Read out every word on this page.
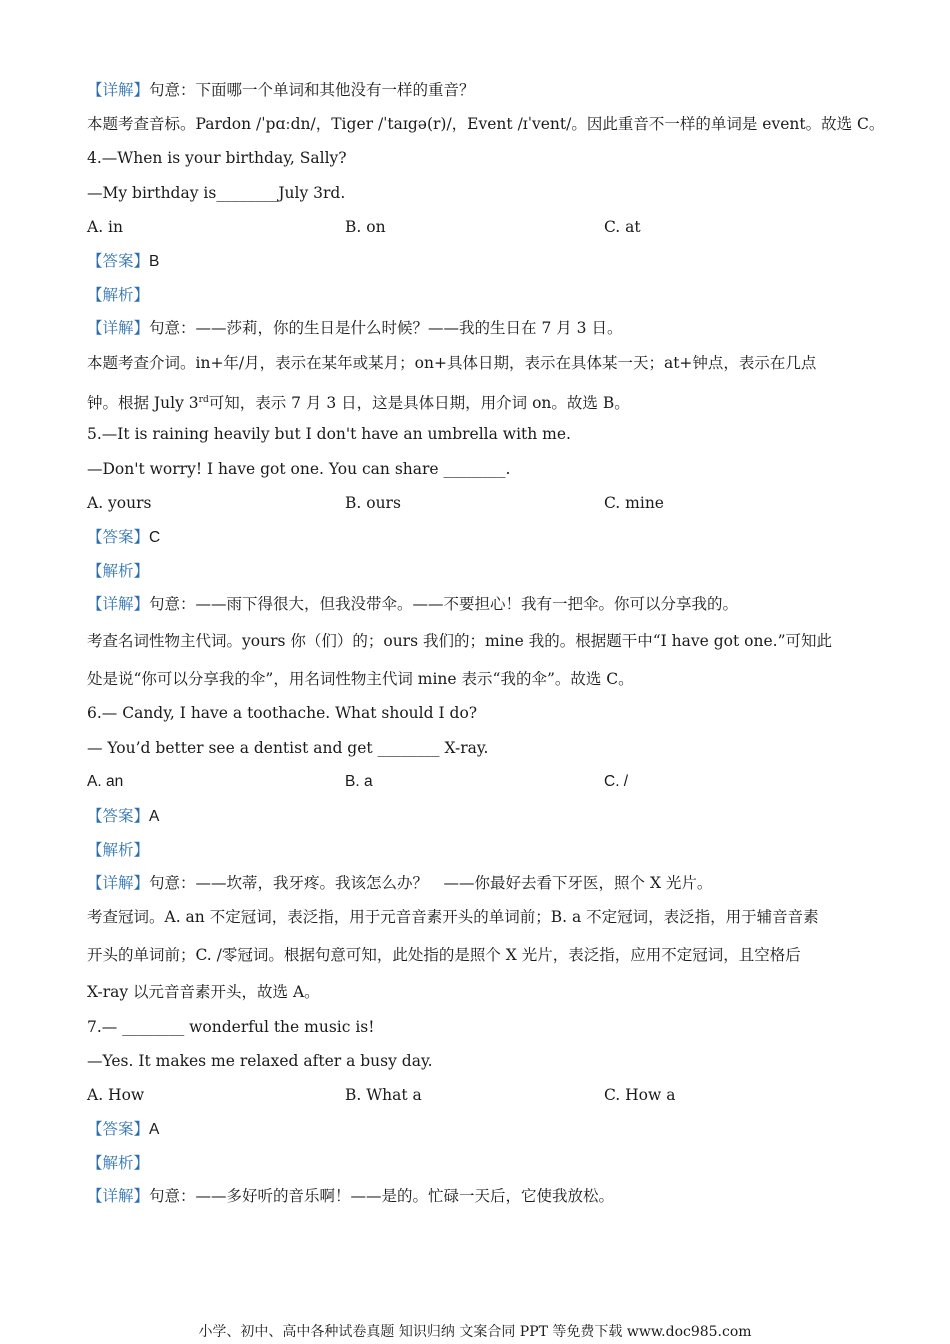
【详解】句意：下面哪一个单词和其他没有一样的重音？
本题考查音标。Pardon /ˈpɑːdn/，Tiger /ˈtaɪgə(r)/，Event /ɪˈvent/。因此重音不一样的单词是 event。故选 C。
4.—When is your birthday, Sally?
—My birthday is________July 3rd.
A. in	B. on	C. at
【答案】B
【解析】
【详解】句意：——莎莉，你的生日是什么时候？——我的生日在 7 月 3 日。
本题考查介词。in+年/月，表示在某年或某月；on+具体日期，表示在具体某一天；at+钟点，表示在几点
钟。根据 July 3rd可知，表示 7 月 3 日，这是具体日期，用介词 on。故选 B。
5.—It is raining heavily but I don't have an umbrella with me.
—Don't worry! I have got one. You can share ________.
A. yours	B. ours	C. mine
【答案】C
【解析】
【详解】句意：——雨下得很大，但我没带伞。——不要担心！我有一把伞。你可以分享我的。
考查名词性物主代词。yours 你（们）的；ours 我们的；mine 我的。根据题干中“I have got one.”可知此
处是说“你可以分享我的伞”，用名词性物主代词 mine 表示“我的伞”。故选 C。
6.— Candy, I have a toothache. What should I do?
— You’d better see a dentist and get ________ X-ray.
A. an	B. a	C. /
【答案】A
【解析】
【详解】句意：——坎蒂，我牙疼。我该怎么办？　——你最好去看下牙医，照个 X 光片。
考查冠词。A. an 不定冠词，表泛指，用于元音音素开头的单词前；B. a 不定冠词，表泛指，用于辅音音素
开头的单词前；C. /零冠词。根据句意可知，此处指的是照个 X 光片，表泛指，应用不定冠词，且空格后
X-ray 以元音音素开头，故选 A。
7.— ________ wonderful the music is!
—Yes. It makes me relaxed after a busy day.
A. How	B. What a	C. How a
【答案】A
【解析】
【详解】句意：——多好听的音乐啊！——是的。忙碌一天后，它使我放松。
小学、初中、高中各种试卷真题 知识归纳 文案合同 PPT 等免费下载 www.doc985.com
